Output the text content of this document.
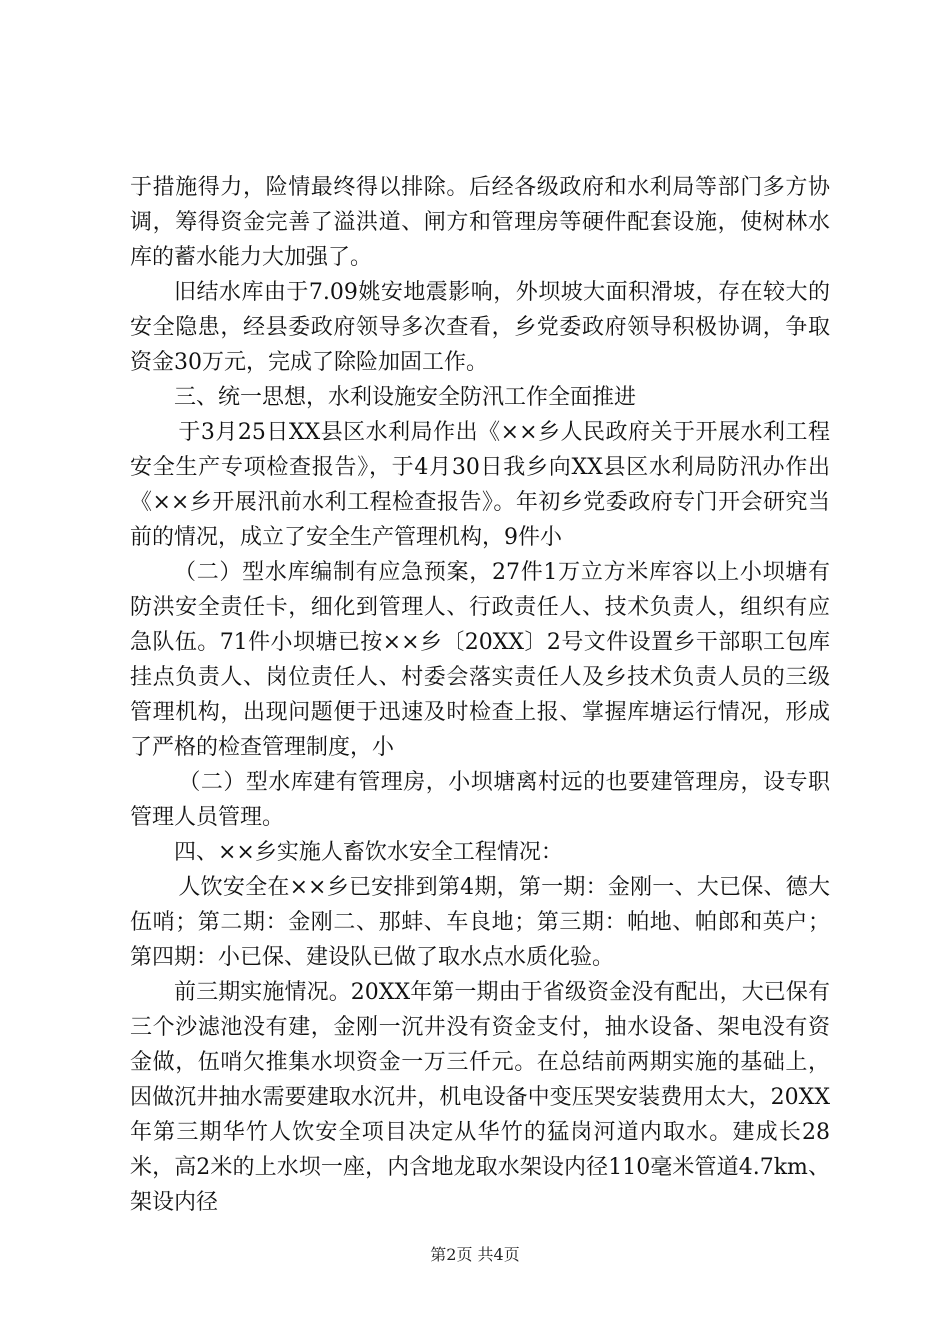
于措施得力，险情最终得以排除。后经各级政府和水利局等部门多方协调，筹得资金完善了溢洪道、闸方和管理房等硬件配套设施，使树林水库的蓄水能力大加强了。

旧结水库由于7.09姚安地震影响，外坝坡大面积滑坡，存在较大的安全隐患，经县委政府领导多次查看，乡党委政府领导积极协调，争取资金30万元，完成了除险加固工作。

三、统一思想，水利设施安全防汛工作全面推进

于3月25日XX县区水利局作出《××乡人民政府关于开展水利工程安全生产专项检查报告》，于4月30日我乡向XX县区水利局防汛办作出《××乡开展汛前水利工程检查报告》。年初乡党委政府专门开会研究当前的情况，成立了安全生产管理机构，9件小

（二）型水库编制有应急预案，27件1万立方米库容以上小坝塘有防洪安全责任卡，细化到管理人、行政责任人、技术负责人，组织有应急队伍。71件小坝塘已按××乡〔20XX〕2号文件设置乡干部职工包库挂点负责人、岗位责任人、村委会落实责任人及乡技术负责人员的三级管理机构，出现问题便于迅速及时检查上报、掌握库塘运行情况，形成了严格的检查管理制度，小

（二）型水库建有管理房，小坝塘离村远的也要建管理房，设专职管理人员管理。

四、××乡实施人畜饮水安全工程情况：

人饮安全在××乡已安排到第4期，第一期：金刚一、大已保、德大伍哨；第二期：金刚二、那蚌、车良地；第三期：帕地、帕郎和英户；第四期：小已保、建设队已做了取水点水质化验。

前三期实施情况。20XX年第一期由于省级资金没有配出，大已保有三个沙滤池没有建，金刚一沉井没有资金支付，抽水设备、架电没有资金做，伍哨欠推集水坝资金一万三仟元。在总结前两期实施的基础上，因做沉井抽水需要建取水沉井，机电设备中变压哭安装费用太大，20XX年第三期华竹人饮安全项目决定从华竹的猛岗河道内取水。建成长28米，高2米的上水坝一座，内含地龙取水架设内径110毫米管道4.7km、架设内径

第2页 共4页
